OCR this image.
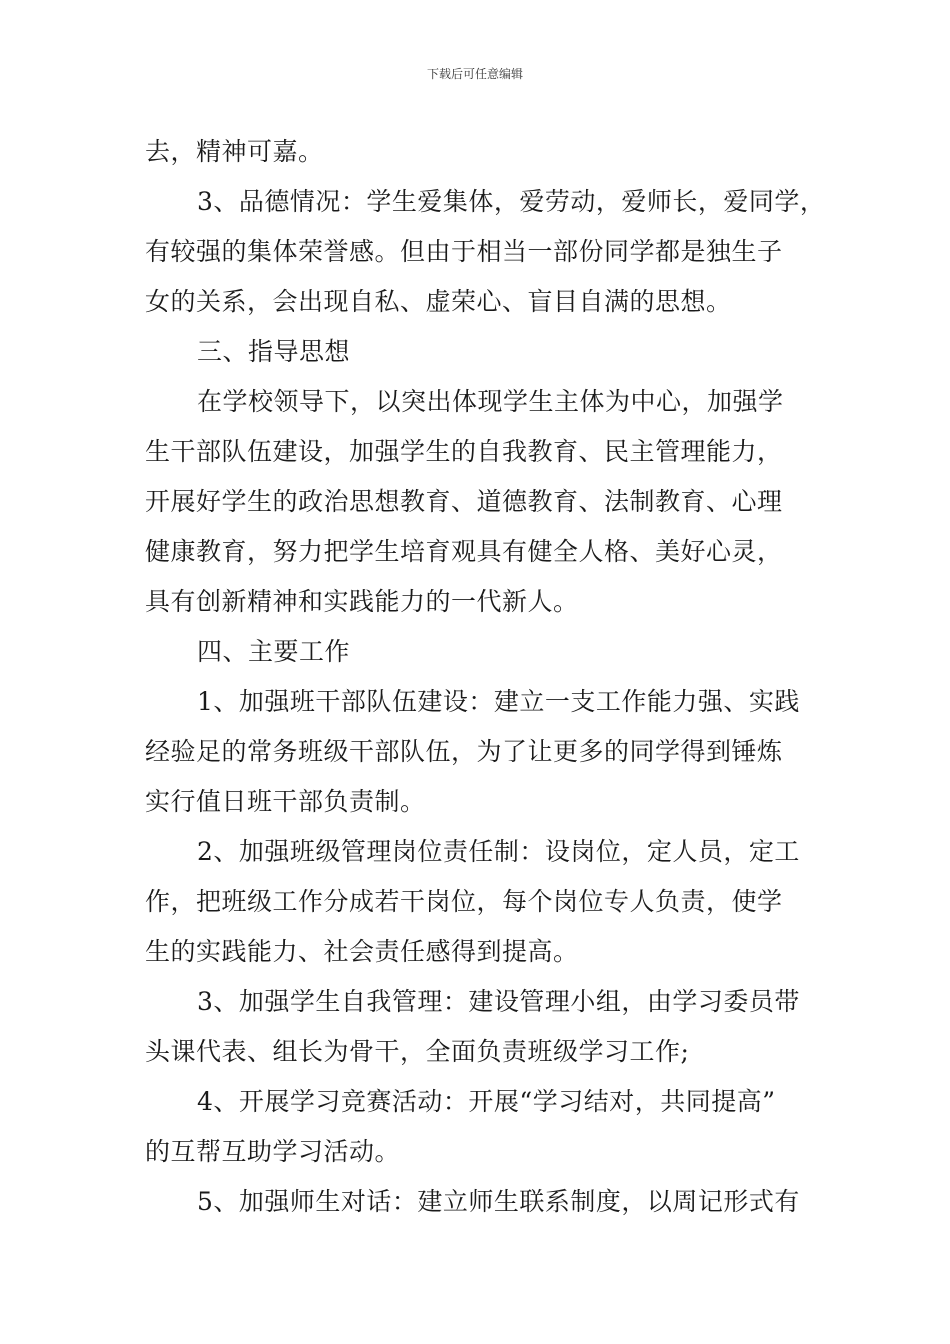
下载后可任意编辑
去，精神可嘉。
3、品德情况：学生爱集体，爱劳动，爱师长，爱同学，
有较强的集体荣誉感。但由于相当一部份同学都是独生子
女的关系，会出现自私、虚荣心、盲目自满的思想。
三、指导思想
在学校领导下，以突出体现学生主体为中心，加强学
生干部队伍建设，加强学生的自我教育、民主管理能力，
开展好学生的政治思想教育、道德教育、法制教育、心理
健康教育，努力把学生培育观具有健全人格、美好心灵，
具有创新精神和实践能力的一代新人。
四、主要工作
1、加强班干部队伍建设：建立一支工作能力强、实践
经验足的常务班级干部队伍，为了让更多的同学得到锤炼
实行值日班干部负责制。
2、加强班级管理岗位责任制：设岗位，定人员，定工
作，把班级工作分成若干岗位，每个岗位专人负责，使学
生的实践能力、社会责任感得到提高。
3、加强学生自我管理：建设管理小组，由学习委员带
头课代表、组长为骨干，全面负责班级学习工作;
4、开展学习竞赛活动：开展“学习结对，共同提高”
的互帮互助学习活动。
5、加强师生对话：建立师生联系制度，以周记形式有
